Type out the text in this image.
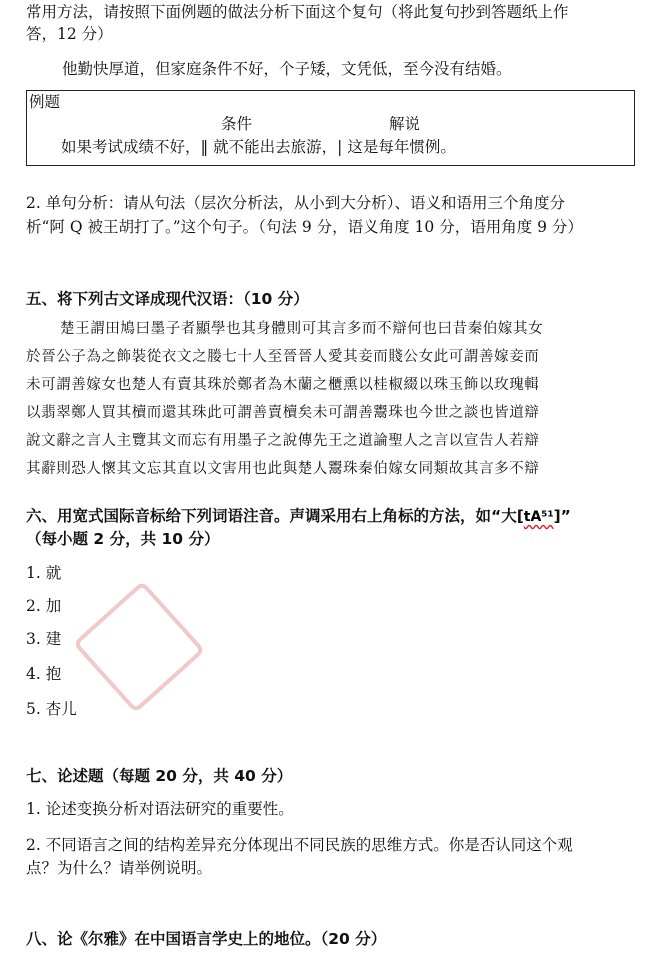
常用方法，请按照下面例题的做法分析下面这个复句（将此复句抄到答题纸上作
答，12 分）
他勤快厚道，但家庭条件不好，个子矮，文凭低，至今没有结婚。
例题
条件	解说
如果考试成绩不好，‖ 就不能出去旅游，| 这是每年惯例。
2. 单句分析：请从句法（层次分析法，从小到大分析）、语义和语用三个角度分
析“阿 Q 被王胡打了。”这个句子。（句法 9 分，语义角度 10 分，语用角度 9 分）
五、将下列古文译成现代汉语：（10 分）
楚王謂田鳩曰墨子者顯學也其身體則可其言多而不辯何也曰昔秦伯嫁其女
於晉公子為之飾裝從衣文之媵七十人至晉晉人愛其妾而賤公女此可謂善嫁妾而
未可謂善嫁女也楚人有賣其珠於鄭者為木蘭之櫃熏以桂椒綴以珠玉飾以玫瑰輯
以翡翠鄭人買其櫝而還其珠此可謂善賣櫝矣未可謂善鬻珠也今世之談也皆道辯
說文辭之言人主覽其文而忘有用墨子之說傳先王之道論聖人之言以宣告人若辯
其辭則恐人懷其文忘其直以文害用也此與楚人鬻珠秦伯嫁女同類故其言多不辯
六、用宽式国际音标给下列词语注音。声调采用右上角标的方法，如“大[tA⁵¹]”
（每小题 2 分，共 10 分）
1. 就
2. 加
3. 建
4. 抱
5. 杏儿
七、论述题（每题 20 分，共 40 分）
1. 论述变换分析对语法研究的重要性。
2. 不同语言之间的结构差异充分体现出不同民族的思维方式。你是否认同这个观
点？为什么？请举例说明。
八、论《尔雅》在中国语言学史上的地位。（20 分）
